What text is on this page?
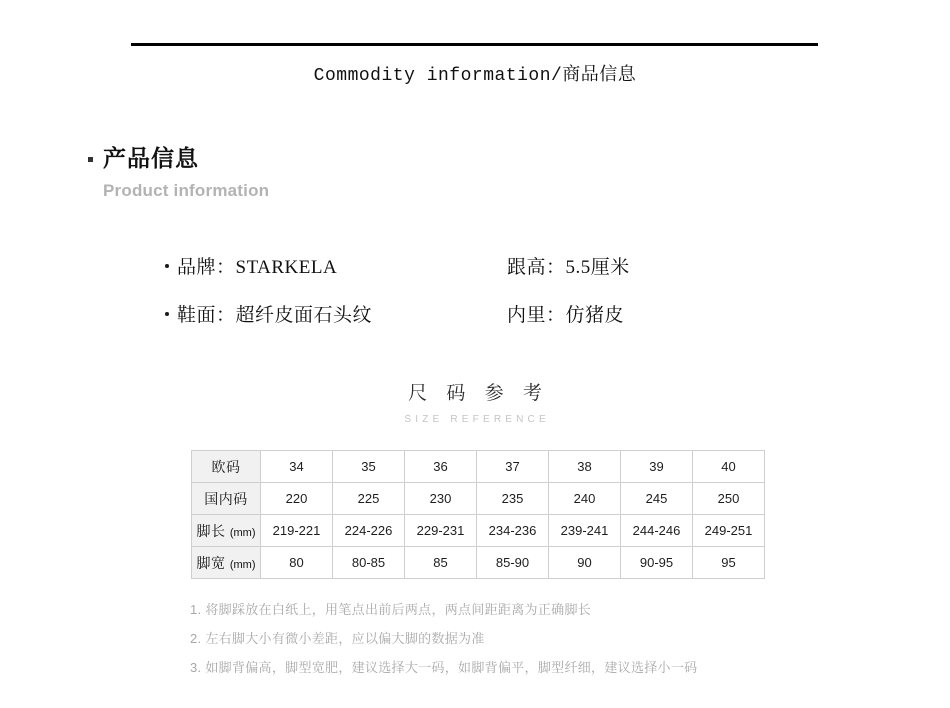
Commodity information/商品信息
产品信息
Product information
品牌： STARKELA	跟高： 5.5厘米
鞋面： 超纤皮面石头纹	内里： 仿猪皮
尺 码 参 考
SIZE REFERENCE
欧码	34	35	36	37	38	39	40
国内码	220	225	230	235	240	245	250
脚长 (mm)	219-221	224-226	229-231	234-236	239-241	244-246	249-251
脚宽 (mm)	80	80-85	85	85-90	90	90-95	95
1. 将脚踩放在白纸上，用笔点出前后两点，两点间距距离为正确脚长
2. 左右脚大小有微小差距，应以偏大脚的数据为准
3. 如脚背偏高，脚型宽肥，建议选择大一码，如脚背偏平，脚型纤细，建议选择小一码
